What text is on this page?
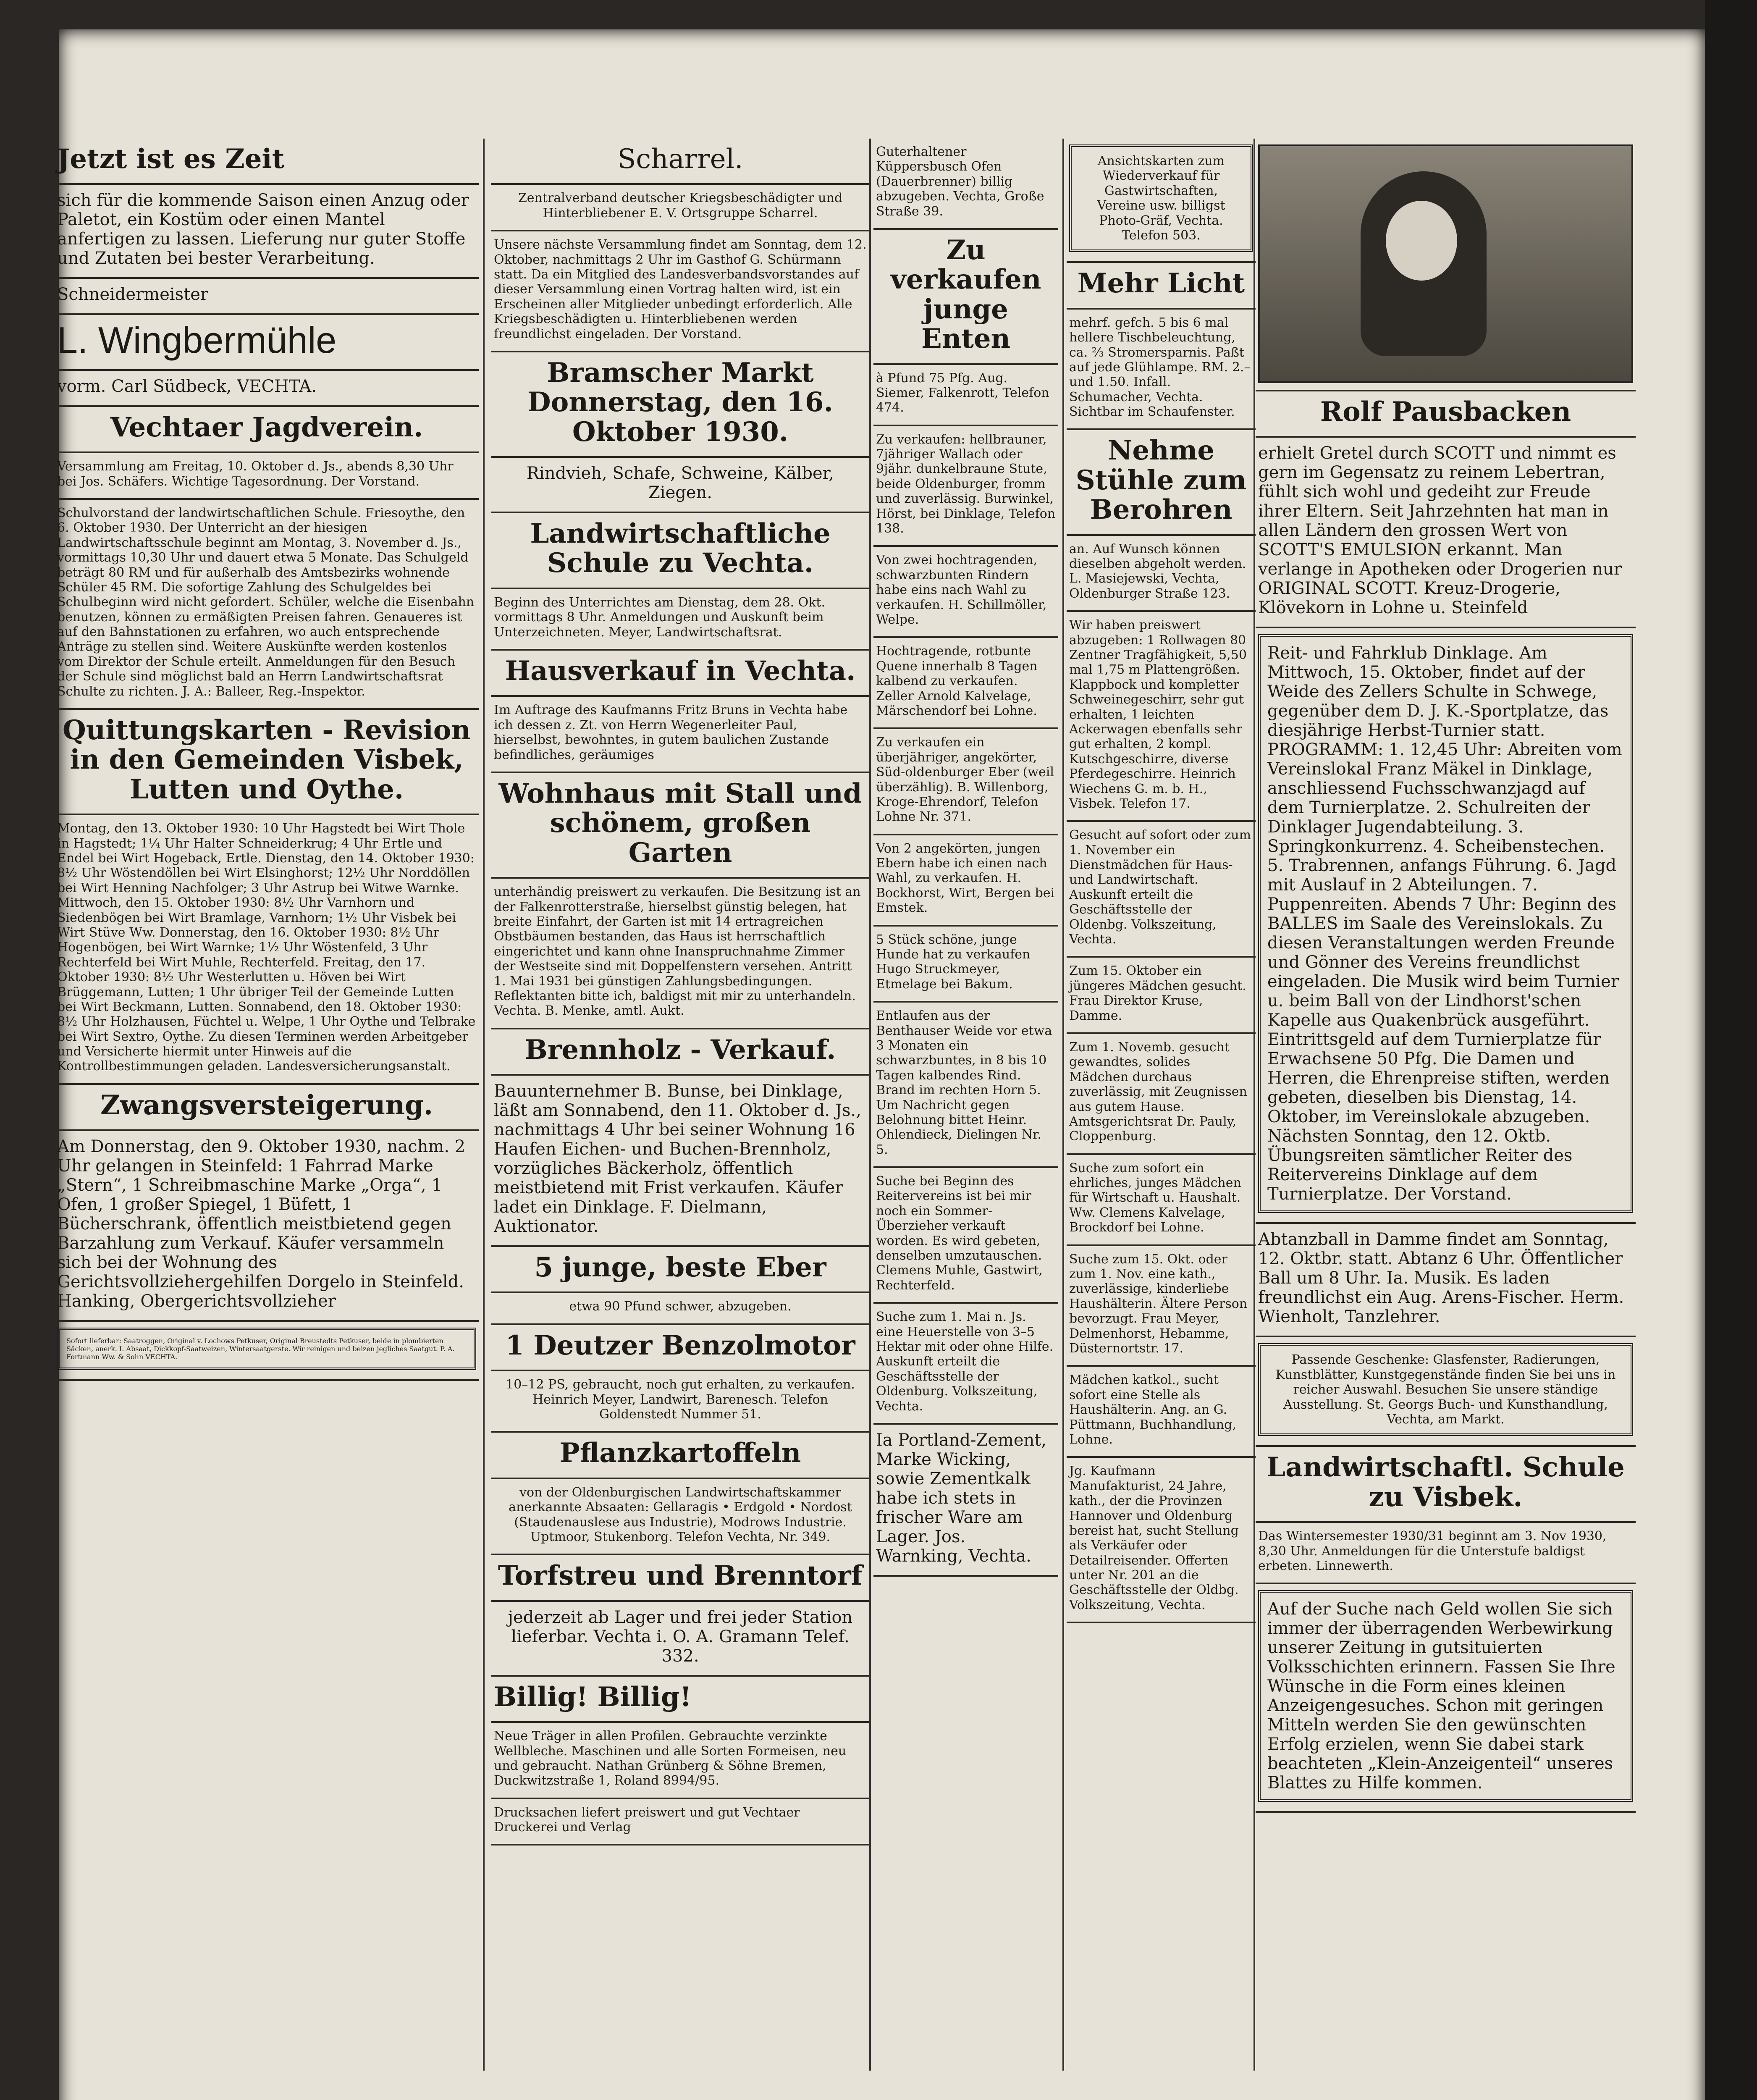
Jetzt ist es Zeit

sich für die kommende Saison einen Anzug oder Paletot, ein Kostüm oder einen Mantel anfertigen zu lassen. Lieferung nur guter Stoffe und Zutaten bei bester Verarbeitung.

Schneidermeister

L. Wingbermühle

vorm. Carl Südbeck, VECHTA.

Vechtaer Jagdverein.

Versammlung am Freitag, 10. Oktober d. Js., abends 8,30 Uhr bei Jos. Schäfers. Wichtige Tagesordnung. Der Vorstand.

Schulvorstand der landwirtschaftlichen Schule. Friesoythe, den 6. Oktober 1930. Der Unterricht an der hiesigen Landwirtschaftsschule beginnt am Montag, 3. November d. Js., vormittags 10,30 Uhr und dauert etwa 5 Monate. Das Schulgeld beträgt 80 RM und für außerhalb des Amtsbezirks wohnende Schüler 45 RM. Die sofortige Zahlung des Schulgeldes bei Schulbeginn wird nicht gefordert. Schüler, welche die Eisenbahn benutzen, können zu ermäßigten Preisen fahren. Genaueres ist auf den Bahnstationen zu erfahren, wo auch entsprechende Anträge zu stellen sind. Weitere Auskünfte werden kostenlos vom Direktor der Schule erteilt. Anmeldungen für den Besuch der Schule sind möglichst bald an Herrn Landwirtschaftsrat Schulte zu richten. J. A.: Balleer, Reg.-Inspektor.

Quittungskarten - Revision in den Gemeinden Visbek, Lutten und Oythe.

Montag, den 13. Oktober 1930: 10 Uhr Hagstedt bei Wirt Thole in Hagstedt; 1¼ Uhr Halter Schneiderkrug; 4 Uhr Ertle und Endel bei Wirt Hogeback, Ertle. Dienstag, den 14. Oktober 1930: 8½ Uhr Wöstendöllen bei Wirt Elsinghorst; 12½ Uhr Norddöllen bei Wirt Henning Nachfolger; 3 Uhr Astrup bei Witwe Warnke. Mittwoch, den 15. Oktober 1930: 8½ Uhr Varnhorn und Siedenbögen bei Wirt Bramlage, Varnhorn; 1½ Uhr Visbek bei Wirt Stüve Ww. Donnerstag, den 16. Oktober 1930: 8½ Uhr Hogenbögen, bei Wirt Warnke; 1½ Uhr Wöstenfeld, 3 Uhr Rechterfeld bei Wirt Muhle, Rechterfeld. Freitag, den 17. Oktober 1930: 8½ Uhr Westerlutten u. Höven bei Wirt Brüggemann, Lutten; 1 Uhr übriger Teil der Gemeinde Lutten bei Wirt Beckmann, Lutten. Sonnabend, den 18. Oktober 1930: 8½ Uhr Holzhausen, Füchtel u. Welpe, 1 Uhr Oythe und Telbrake bei Wirt Sextro, Oythe. Zu diesen Terminen werden Arbeitgeber und Versicherte hiermit unter Hinweis auf die Kontrollbestimmungen geladen. Landesversicherungsanstalt.

Zwangsversteigerung.

Am Donnerstag, den 9. Oktober 1930, nachm. 2 Uhr gelangen in Steinfeld: 1 Fahrrad Marke „Stern“, 1 Schreibmaschine Marke „Orga“, 1 Ofen, 1 großer Spiegel, 1 Büfett, 1 Bücherschrank, öffentlich meistbietend gegen Barzahlung zum Verkauf. Käufer versammeln sich bei der Wohnung des Gerichtsvollziehergehilfen Dorgelo in Steinfeld. Hanking, Obergerichtsvollzieher

Sofort lieferbar: Saatroggen, Original v. Lochows Petkuser, Original Breustedts Petkuser, beide in plombierten Säcken, anerk. I. Absaat, Dickkopf-Saatweizen, Wintersaatgerste. Wir reinigen und beizen jegliches Saatgut. P. A. Fortmann Ww. & Sohn VECHTA.

Scharrel.

Zentralverband deutscher Kriegsbeschädigter und Hinterbliebener E. V. Ortsgruppe Scharrel.

Unsere nächste Versammlung findet am Sonntag, dem 12. Oktober, nachmittags 2 Uhr im Gasthof G. Schürmann statt. Da ein Mitglied des Landesverbandsvorstandes auf dieser Versammlung einen Vortrag halten wird, ist ein Erscheinen aller Mitglieder unbedingt erforderlich. Alle Kriegsbeschädigten u. Hinterbliebenen werden freundlichst eingeladen. Der Vorstand.

Bramscher Markt Donnerstag, den 16. Oktober 1930.

Rindvieh, Schafe, Schweine, Kälber, Ziegen.

Landwirtschaftliche Schule zu Vechta.

Beginn des Unterrichtes am Dienstag, dem 28. Okt. vormittags 8 Uhr. Anmeldungen und Auskunft beim Unterzeichneten. Meyer, Landwirtschaftsrat.

Hausverkauf in Vechta.

Im Auftrage des Kaufmanns Fritz Bruns in Vechta habe ich dessen z. Zt. von Herrn Wegenerleiter Paul, hierselbst, bewohntes, in gutem baulichen Zustande befindliches, geräumiges

Wohnhaus mit Stall und schönem, großen Garten

unterhändig preiswert zu verkaufen. Die Besitzung ist an der Falkenrotterstraße, hierselbst günstig belegen, hat breite Einfahrt, der Garten ist mit 14 ertragreichen Obstbäumen bestanden, das Haus ist herrschaftlich eingerichtet und kann ohne Inanspruchnahme Zimmer der Westseite sind mit Doppelfenstern versehen. Antritt 1. Mai 1931 bei günstigen Zahlungsbedingungen. Reflektanten bitte ich, baldigst mit mir zu unterhandeln. Vechta. B. Menke, amtl. Aukt.

Brennholz - Verkauf.

Bauunternehmer B. Bunse, bei Dinklage, läßt am Sonnabend, den 11. Oktober d. Js., nachmittags 4 Uhr bei seiner Wohnung 16 Haufen Eichen- und Buchen-Brennholz, vorzügliches Bäckerholz, öffentlich meistbietend mit Frist verkaufen. Käufer ladet ein Dinklage. F. Dielmann, Auktionator.

5 junge, beste Eber

etwa 90 Pfund schwer, abzugeben.

1 Deutzer Benzolmotor

10–12 PS, gebraucht, noch gut erhalten, zu verkaufen. Heinrich Meyer, Landwirt, Barenesch. Telefon Goldenstedt Nummer 51.

Pflanzkartoffeln

von der Oldenburgischen Landwirtschaftskammer anerkannte Absaaten: Gellaragis • Erdgold • Nordost (Staudenauslese aus Industrie), Modrows Industrie. Uptmoor, Stukenborg. Telefon Vechta, Nr. 349.

Torfstreu und Brenntorf

jederzeit ab Lager und frei jeder Station lieferbar. Vechta i. O. A. Gramann Telef. 332.

Billig! Billig!

Neue Träger in allen Profilen. Gebrauchte verzinkte Wellbleche. Maschinen und alle Sorten Formeisen, neu und gebraucht. Nathan Grünberg & Söhne Bremen, Duckwitzstraße 1, Roland 8994/95.

Drucksachen liefert preiswert und gut Vechtaer Druckerei und Verlag

Guterhaltener Küppersbusch Ofen (Dauerbrenner) billig abzugeben. Vechta, Große Straße 39.

Zu verkaufen junge Enten

à Pfund 75 Pfg. Aug. Siemer, Falkenrott, Telefon 474.

Zu verkaufen: hellbrauner, 7jähriger Wallach oder 9jähr. dunkelbraune Stute, beide Oldenburger, fromm und zuverlässig. Burwinkel, Hörst, bei Dinklage, Telefon 138.

Von zwei hochtragenden, schwarzbunten Rindern habe eins nach Wahl zu verkaufen. H. Schillmöller, Welpe.

Hochtragende, rotbunte Quene innerhalb 8 Tagen kalbend zu verkaufen. Zeller Arnold Kalvelage, Märschendorf bei Lohne.

Zu verkaufen ein überjähriger, angekörter, Süd-oldenburger Eber (weil überzählig). B. Willenborg, Kroge-Ehrendorf, Telefon Lohne Nr. 371.

Von 2 angekörten, jungen Ebern habe ich einen nach Wahl, zu verkaufen. H. Bockhorst, Wirt, Bergen bei Emstek.

5 Stück schöne, junge Hunde hat zu verkaufen Hugo Struckmeyer, Etmelage bei Bakum.

Entlaufen aus der Benthauser Weide vor etwa 3 Monaten ein schwarzbuntes, in 8 bis 10 Tagen kalbendes Rind. Brand im rechten Horn 5. Um Nachricht gegen Belohnung bittet Heinr. Ohlendieck, Dielingen Nr. 5.

Suche bei Beginn des Reitervereins ist bei mir noch ein Sommer-Überzieher verkauft worden. Es wird gebeten, denselben umzutauschen. Clemens Muhle, Gastwirt, Rechterfeld.

Suche zum 1. Mai n. Js. eine Heuerstelle von 3–5 Hektar mit oder ohne Hilfe. Auskunft erteilt die Geschäftsstelle der Oldenburg. Volkszeitung, Vechta.

Ia Portland-Zement, Marke Wicking, sowie Zementkalk habe ich stets in frischer Ware am Lager. Jos. Warnking, Vechta.

Ansichtskarten zum Wiederverkauf für Gastwirtschaften, Vereine usw. billigst Photo-Gräf, Vechta. Telefon 503.

Mehr Licht

mehrf. gefch. 5 bis 6 mal hellere Tischbeleuchtung, ca. ⅔ Stromersparnis. Paßt auf jede Glühlampe. RM. 2.– und 1.50. Infall. Schumacher, Vechta. Sichtbar im Schaufenster.

Nehme Stühle zum Berohren

an. Auf Wunsch können dieselben abgeholt werden. L. Masiejewski, Vechta, Oldenburger Straße 123.

Wir haben preiswert abzugeben: 1 Rollwagen 80 Zentner Tragfähigkeit, 5,50 mal 1,75 m Plattengrößen. Klappbock und kompletter Schweinegeschirr, sehr gut erhalten, 1 leichten Ackerwagen ebenfalls sehr gut erhalten, 2 kompl. Kutschgeschirre, diverse Pferdegeschirre. Heinrich Wiechens G. m. b. H., Visbek. Telefon 17.

Gesucht auf sofort oder zum 1. November ein Dienstmädchen für Haus- und Landwirtschaft. Auskunft erteilt die Geschäftsstelle der Oldenbg. Volkszeitung, Vechta.

Zum 15. Oktober ein jüngeres Mädchen gesucht. Frau Direktor Kruse, Damme.

Zum 1. Novemb. gesucht gewandtes, solides Mädchen durchaus zuverlässig, mit Zeugnissen aus gutem Hause. Amtsgerichtsrat Dr. Pauly, Cloppenburg.

Suche zum sofort ein ehrliches, junges Mädchen für Wirtschaft u. Haushalt. Ww. Clemens Kalvelage, Brockdorf bei Lohne.

Suche zum 15. Okt. oder zum 1. Nov. eine kath., zuverlässige, kinderliebe Haushälterin. Ältere Person bevorzugt. Frau Meyer, Delmenhorst, Hebamme, Düsternortstr. 17.

Mädchen katkol., sucht sofort eine Stelle als Haushälterin. Ang. an G. Püttmann, Buchhandlung, Lohne.

Jg. Kaufmann Manufakturist, 24 Jahre, kath., der die Provinzen Hannover und Oldenburg bereist hat, sucht Stellung als Verkäufer oder Detailreisender. Offerten unter Nr. 201 an die Geschäftsstelle der Oldbg. Volkszeitung, Vechta.

Rolf Pausbacken

erhielt Gretel durch SCOTT und nimmt es gern im Gegensatz zu reinem Lebertran, fühlt sich wohl und gedeiht zur Freude ihrer Eltern. Seit Jahrzehnten hat man in allen Ländern den grossen Wert von SCOTT'S EMULSION erkannt. Man verlange in Apotheken oder Drogerien nur ORIGINAL SCOTT. Kreuz-Drogerie, Klövekorn in Lohne u. Steinfeld

Reit- und Fahrklub Dinklage. Am Mittwoch, 15. Oktober, findet auf der Weide des Zellers Schulte in Schwege, gegenüber dem D. J. K.-Sportplatze, das diesjährige Herbst-Turnier statt. PROGRAMM: 1. 12,45 Uhr: Abreiten vom Vereinslokal Franz Mäkel in Dinklage, anschliessend Fuchsschwanzjagd auf dem Turnierplatze. 2. Schulreiten der Dinklager Jugendabteilung. 3. Springkonkurrenz. 4. Scheibenstechen. 5. Trabrennen, anfangs Führung. 6. Jagd mit Auslauf in 2 Abteilungen. 7. Puppenreiten. Abends 7 Uhr: Beginn des BALLES im Saale des Vereinslokals. Zu diesen Veranstaltungen werden Freunde und Gönner des Vereins freundlichst eingeladen. Die Musik wird beim Turnier u. beim Ball von der Lindhorst'schen Kapelle aus Quakenbrück ausgeführt. Eintrittsgeld auf dem Turnierplatze für Erwachsene 50 Pfg. Die Damen und Herren, die Ehrenpreise stiften, werden gebeten, dieselben bis Dienstag, 14. Oktober, im Vereinslokale abzugeben. Nächsten Sonntag, den 12. Oktb. Übungsreiten sämtlicher Reiter des Reitervereins Dinklage auf dem Turnierplatze. Der Vorstand.

Abtanzball in Damme findet am Sonntag, 12. Oktbr. statt. Abtanz 6 Uhr. Öffentlicher Ball um 8 Uhr. Ia. Musik. Es laden freundlichst ein Aug. Arens-Fischer. Herm. Wienholt, Tanzlehrer.

Passende Geschenke: Glasfenster, Radierungen, Kunstblätter, Kunstgegenstände finden Sie bei uns in reicher Auswahl. Besuchen Sie unsere ständige Ausstellung. St. Georgs Buch- und Kunsthandlung, Vechta, am Markt.

Landwirtschaftl. Schule zu Visbek.

Das Wintersemester 1930/31 beginnt am 3. Nov 1930, 8,30 Uhr. Anmeldungen für die Unterstufe baldigst erbeten. Linnewerth.

Auf der Suche nach Geld wollen Sie sich immer der überragenden Werbewirkung unserer Zeitung in gutsituierten Volksschichten erinnern. Fassen Sie Ihre Wünsche in die Form eines kleinen Anzeigengesuches. Schon mit geringen Mitteln werden Sie den gewünschten Erfolg erzielen, wenn Sie dabei stark beachteten „Klein-Anzeigenteil“ unseres Blattes zu Hilfe kommen.
